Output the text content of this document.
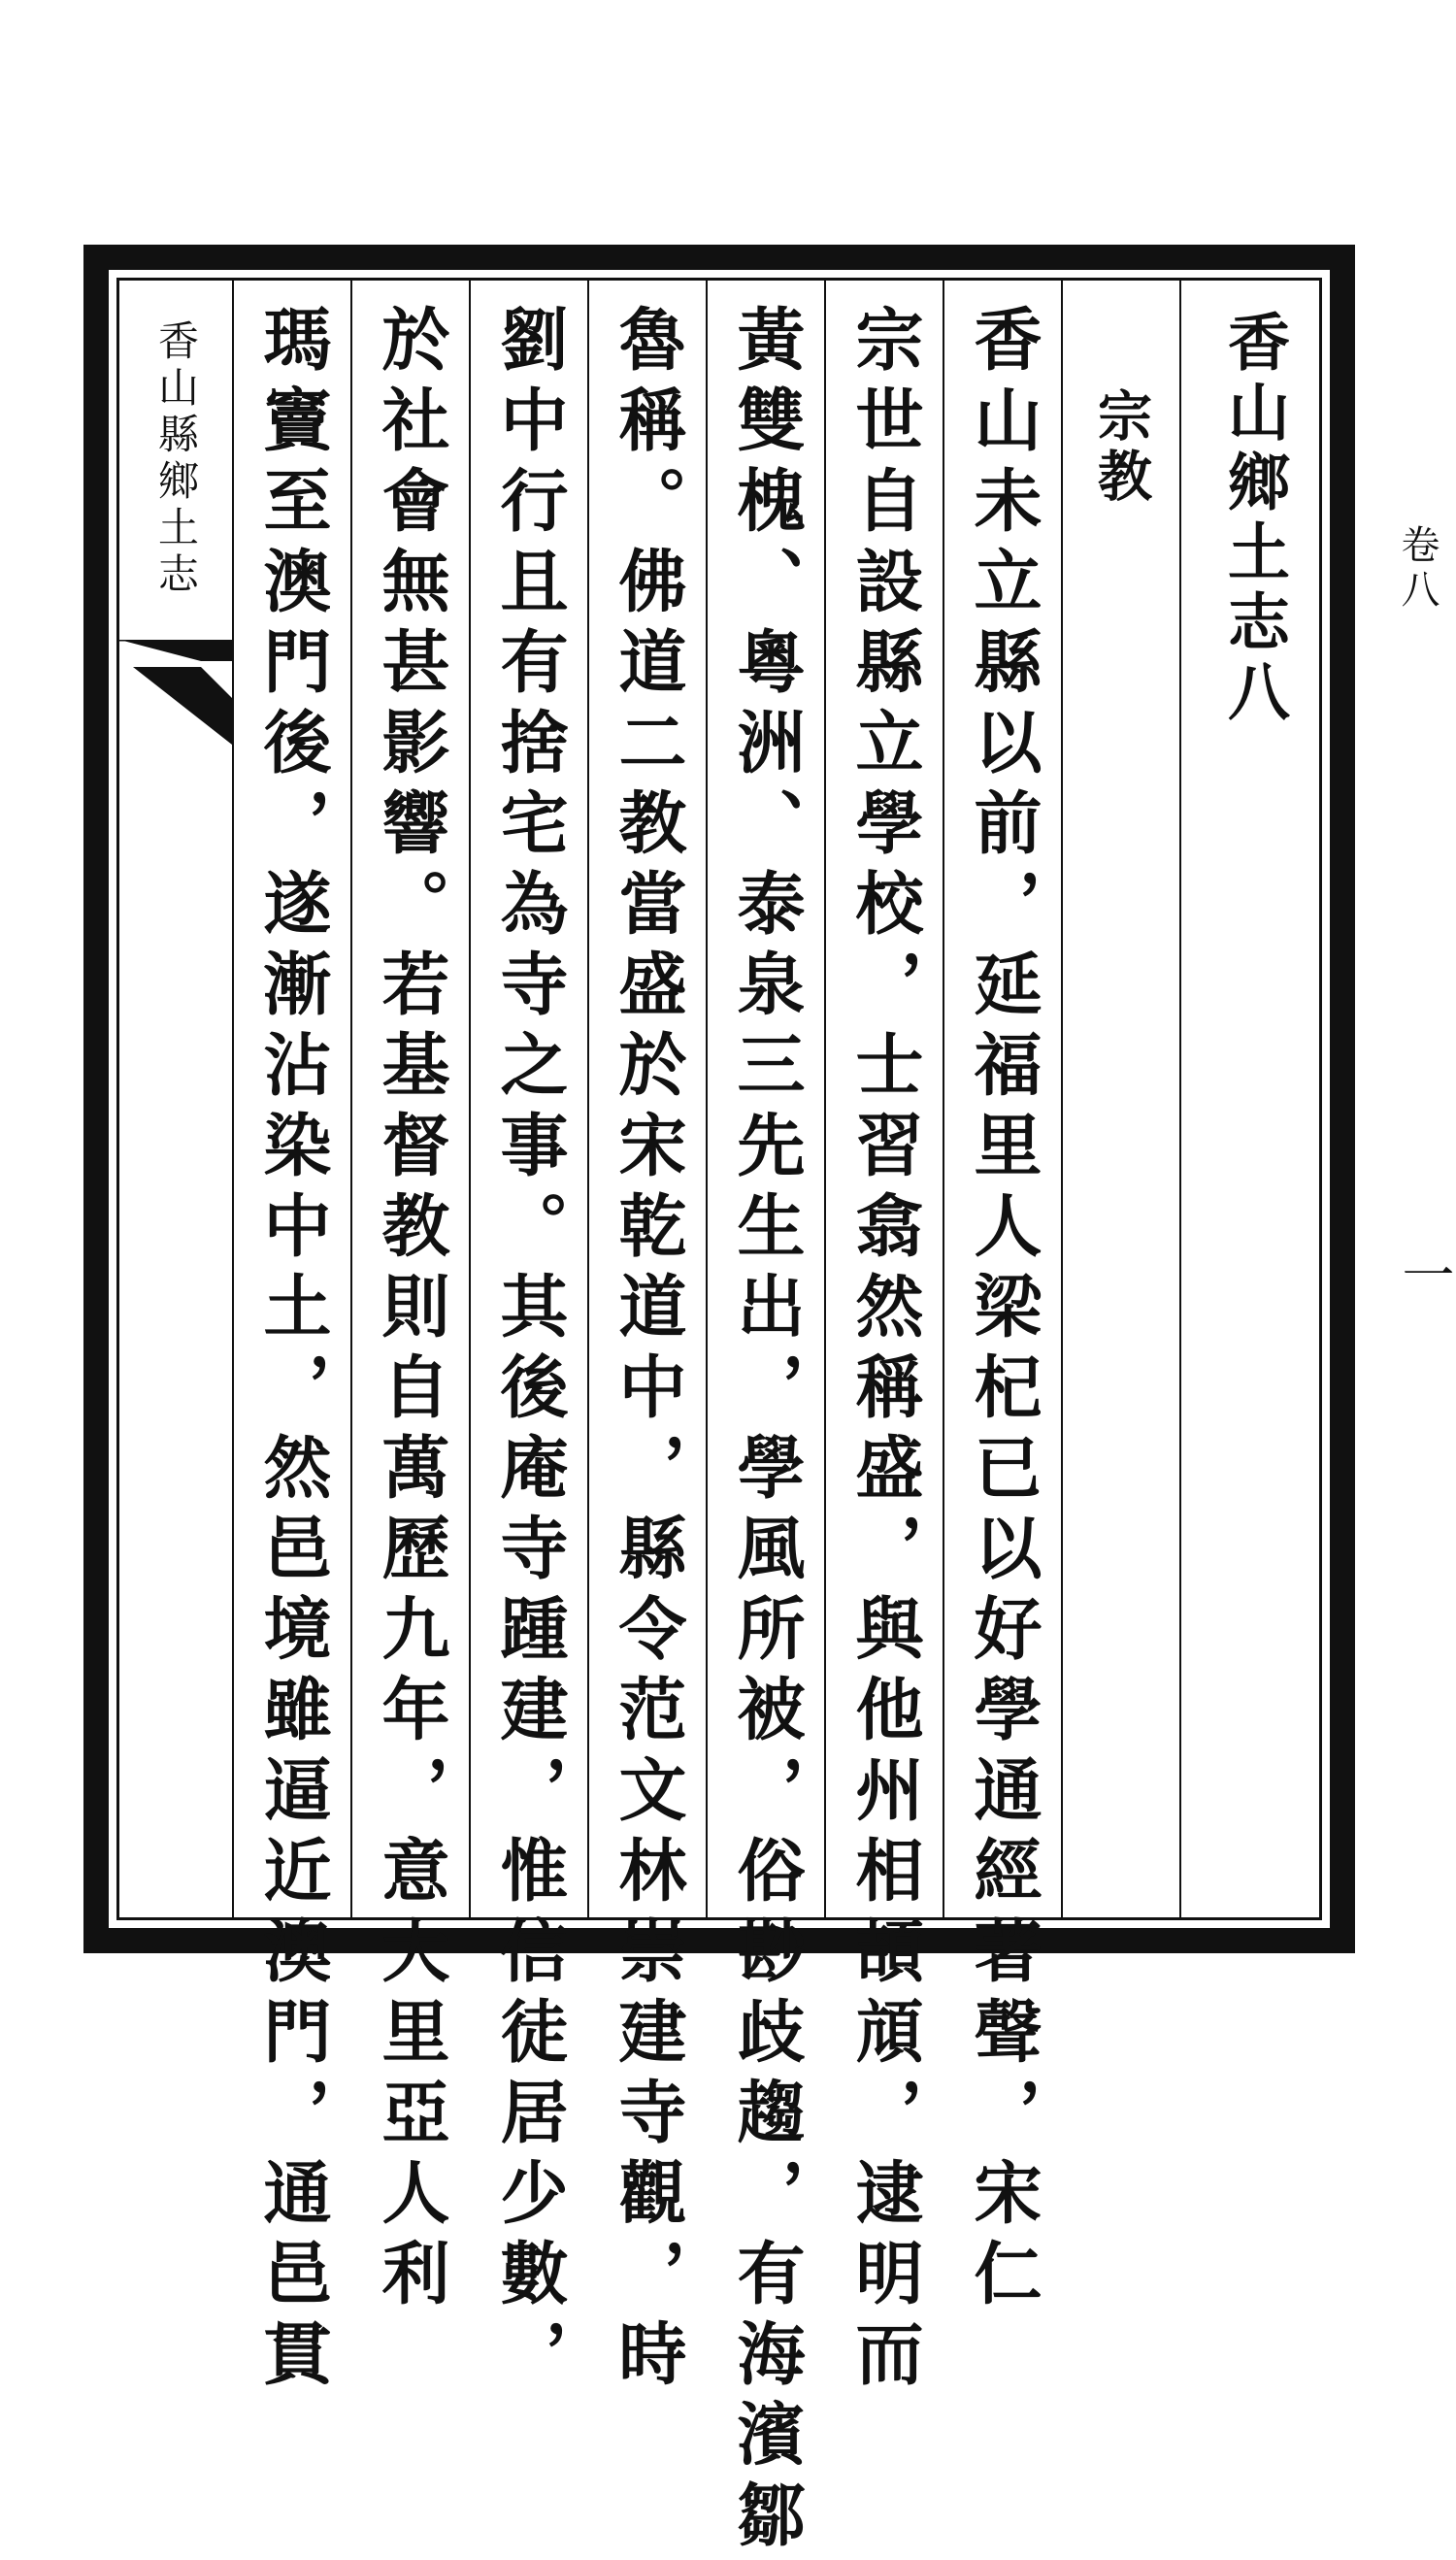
卷八
一
香山縣鄉土志 瑪竇至澳門後，遂漸沾染中土，然邑境雖逼近澳門，通邑貫 於社會無甚影響。若基督教則自萬歷九年，意大里亞人利 劉中行且有捨宅為寺之事。其後庵寺踵建，惟信徒居少數， 魯稱。佛道二教當盛於宋乾道中，縣令范文林崇建寺觀，時 黃雙槐、粵洲、泰泉三先生出，學風所被，俗尠歧趨，有海濱鄒 宗世自設縣立學校，士習翕然稱盛，與他州相頡頏，逮明而 香山未立縣以前，延福里人梁杞已以好學通經著聲，宋仁 宗教 香山鄉土志八
